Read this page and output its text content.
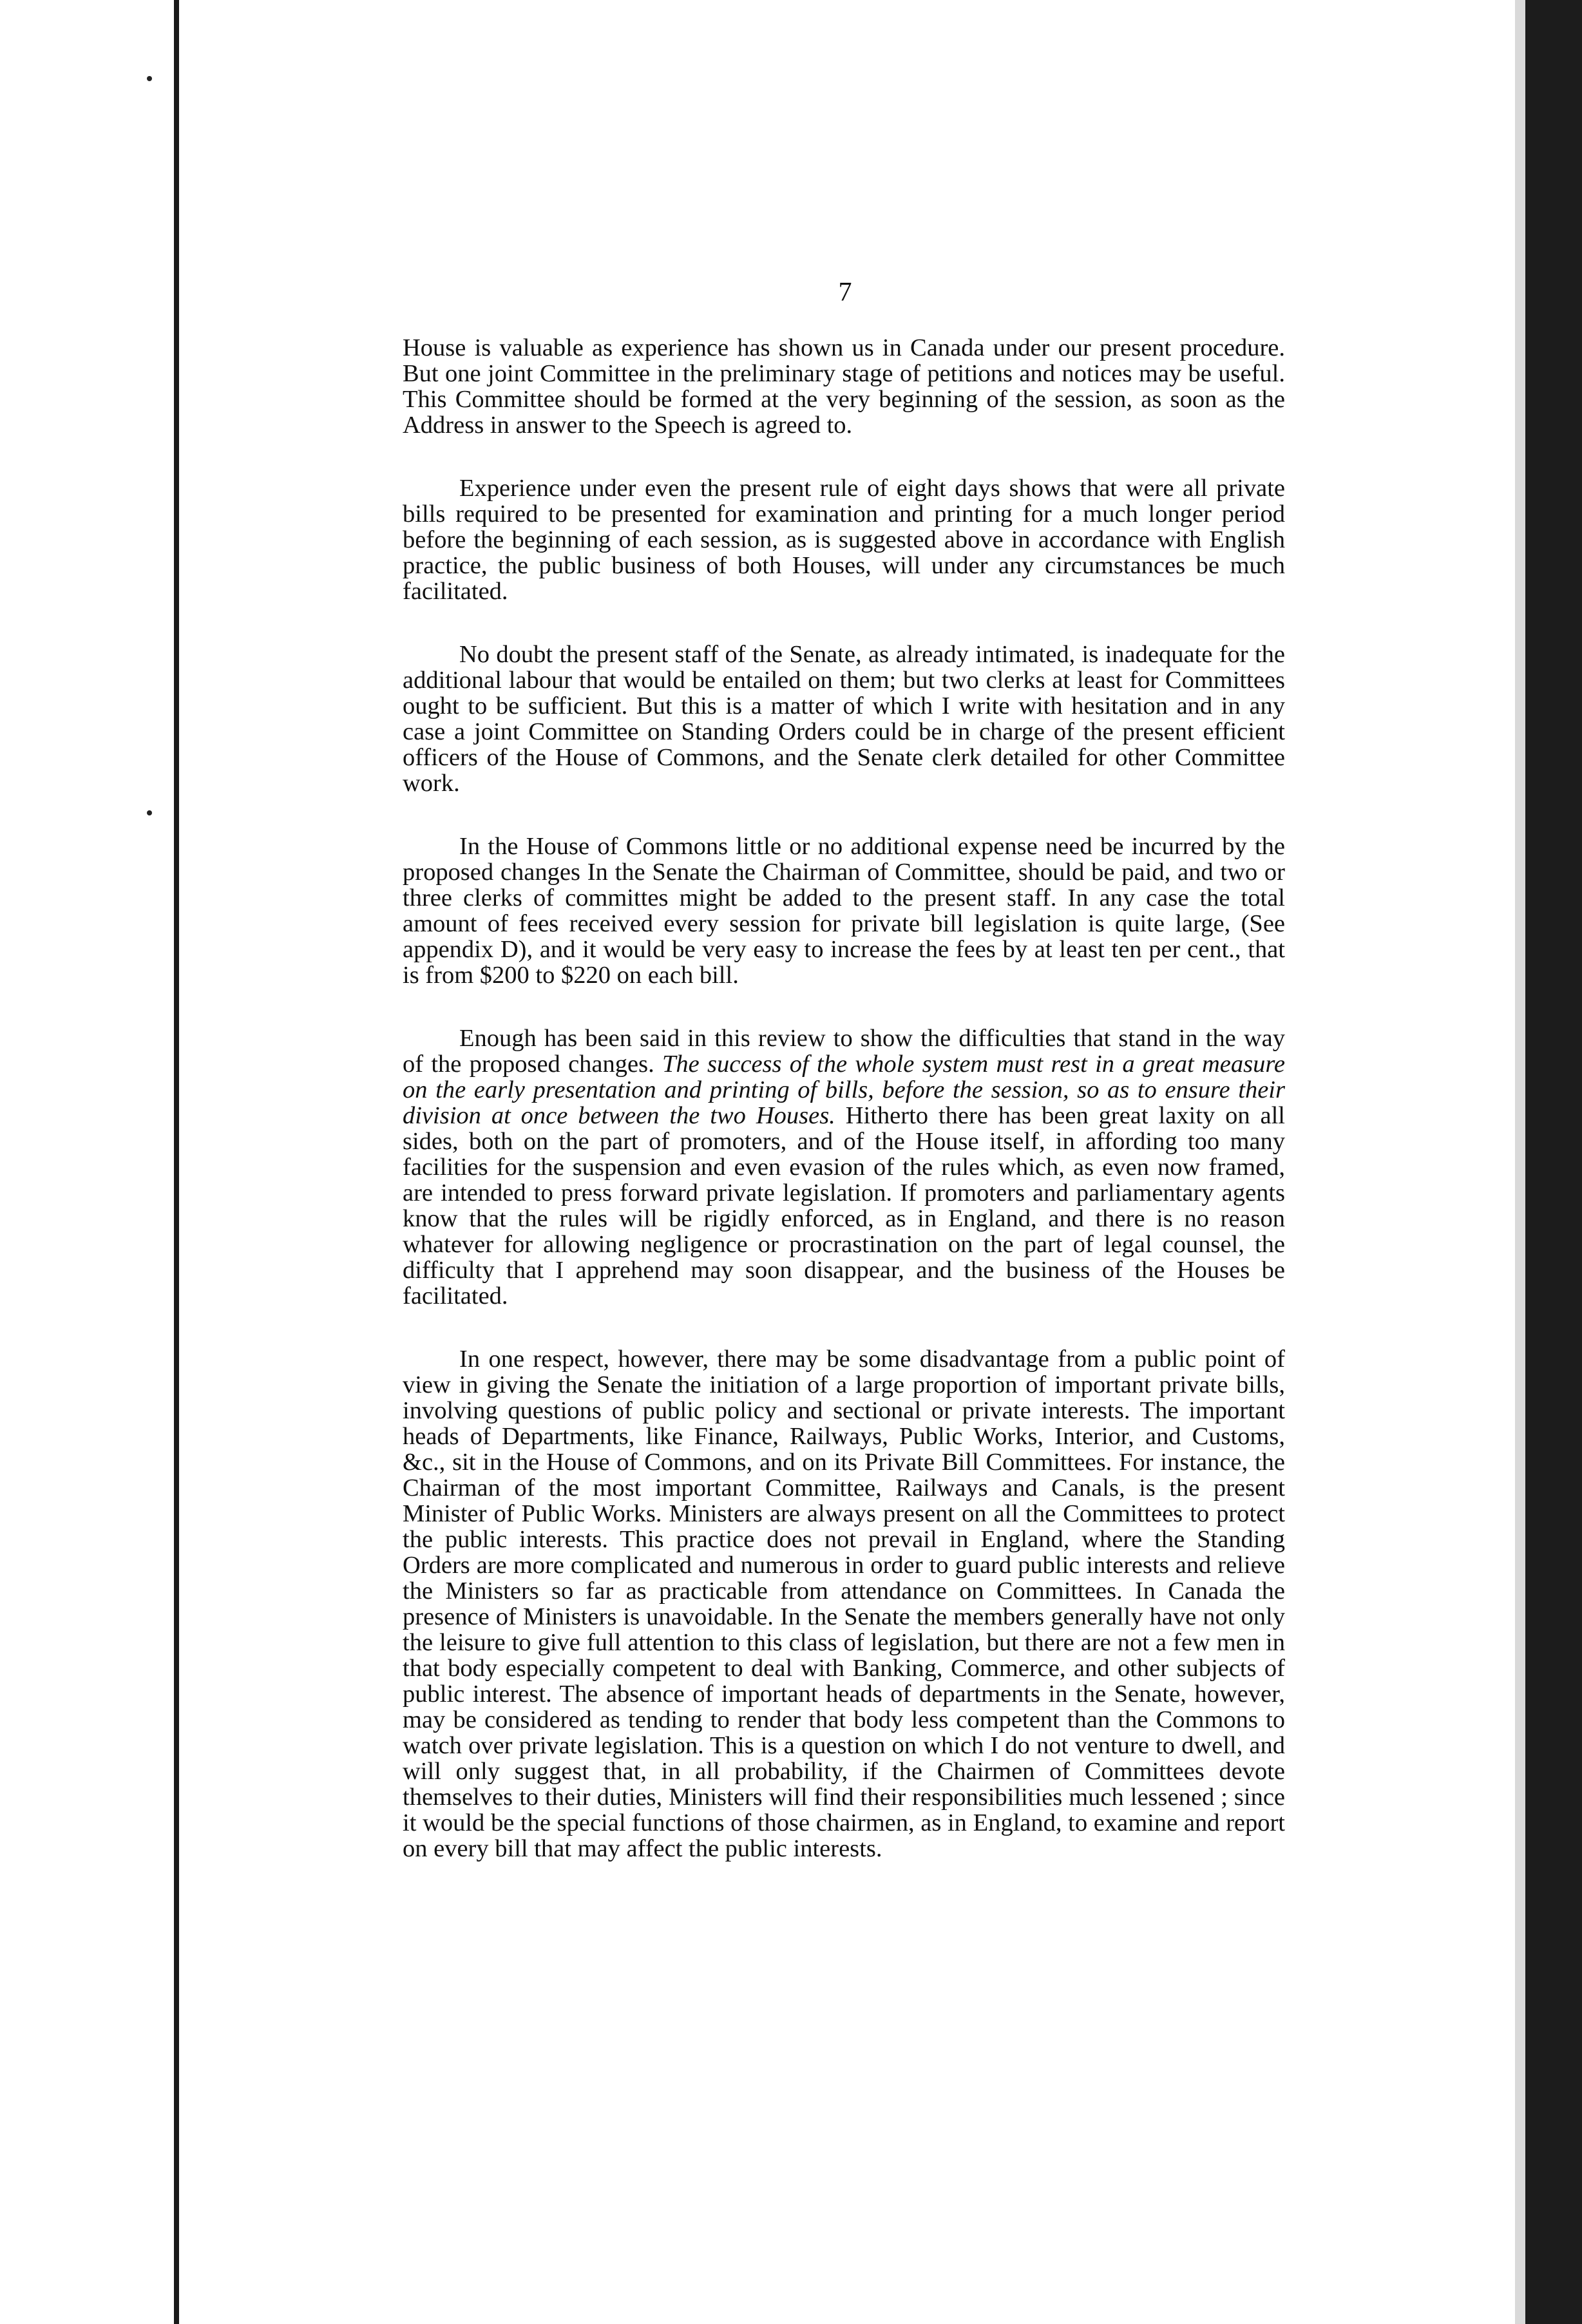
7

House is valuable as experience has shown us in Canada under our present procedure. But one joint Committee in the preliminary stage of petitions and notices may be useful. This Committee should be formed at the very beginning of the session, as soon as the Address in answer to the Speech is agreed to.

Experience under even the present rule of eight days shows that were all private bills required to be presented for examination and printing for a much longer period before the beginning of each session, as is suggested above in accordance with English practice, the public business of both Houses, will under any circumstances be much facilitated.

No doubt the present staff of the Senate, as already intimated, is inadequate for the additional labour that would be entailed on them; but two clerks at least for Committees ought to be sufficient. But this is a matter of which I write with hesitation and in any case a joint Committee on Standing Orders could be in charge of the present efficient officers of the House of Commons, and the Senate clerk detailed for other Committee work.

In the House of Commons little or no additional expense need be incurred by the proposed changes In the Senate the Chairman of Committee, should be paid, and two or three clerks of committes might be added to the present staff. In any case the total amount of fees received every session for private bill legislation is quite large, (See appendix D), and it would be very easy to increase the fees by at least ten per cent., that is from $200 to $220 on each bill.

Enough has been said in this review to show the difficulties that stand in the way of the proposed changes. The success of the whole system must rest in a great measure on the early presentation and printing of bills, before the session, so as to ensure their division at once between the two Houses. Hitherto there has been great laxity on all sides, both on the part of promoters, and of the House itself, in affording too many facilities for the suspension and even evasion of the rules which, as even now framed, are intended to press forward private legislation. If promoters and parliamentary agents know that the rules will be rigidly enforced, as in England, and there is no reason whatever for allowing negligence or procrastination on the part of legal counsel, the difficulty that I apprehend may soon disappear, and the business of the Houses be facilitated.

In one respect, however, there may be some disadvantage from a public point of view in giving the Senate the initiation of a large proportion of important private bills, involving questions of public policy and sectional or private interests. The important heads of Departments, like Finance, Railways, Public Works, Interior, and Customs, &c., sit in the House of Commons, and on its Private Bill Committees. For instance, the Chairman of the most important Committee, Railways and Canals, is the present Minister of Public Works. Ministers are always present on all the Committees to protect the public interests. This practice does not prevail in England, where the Standing Orders are more complicated and numerous in order to guard public interests and relieve the Ministers so far as practicable from attendance on Committees. In Canada the presence of Ministers is unavoidable. In the Senate the members generally have not only the leisure to give full attention to this class of legislation, but there are not a few men in that body especially competent to deal with Banking, Commerce, and other subjects of public interest. The absence of important heads of departments in the Senate, however, may be considered as tending to render that body less competent than the Commons to watch over private legislation. This is a question on which I do not venture to dwell, and will only suggest that, in all probability, if the Chairmen of Committees devote themselves to their duties, Ministers will find their responsibilities much lessened ; since it would be the special functions of those chairmen, as in England, to examine and report on every bill that may affect the public interests.
